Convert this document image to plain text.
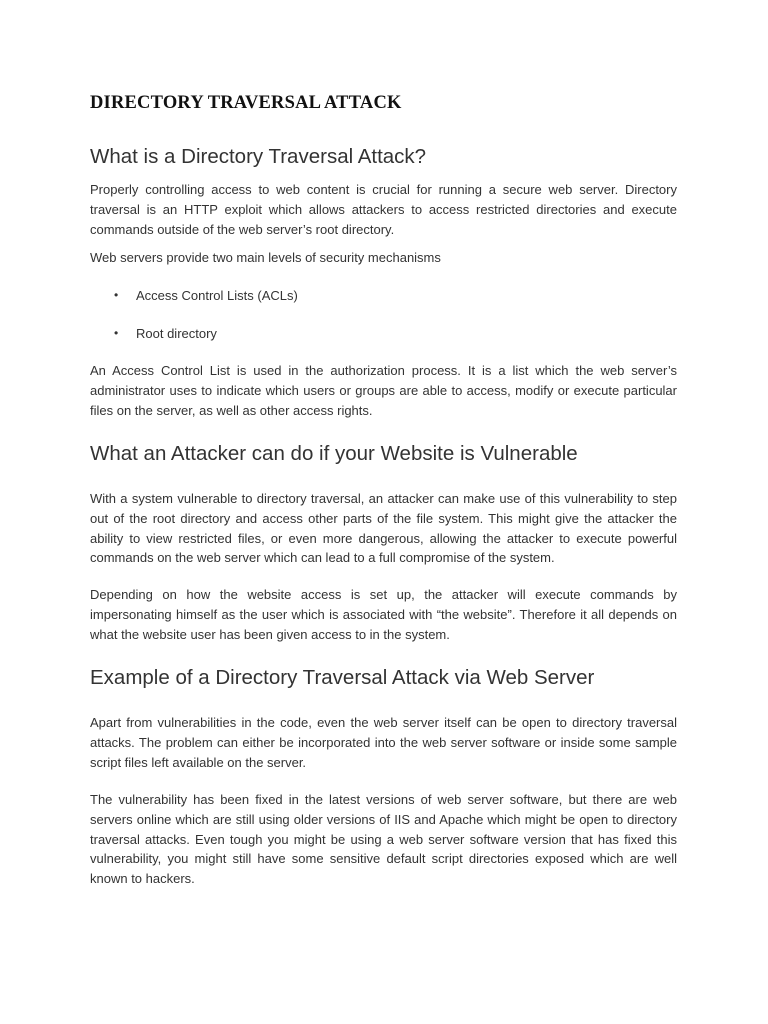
DIRECTORY TRAVERSAL ATTACK
What is a Directory Traversal Attack?

Properly controlling access to web content is crucial for running a secure web server. Directory traversal is an HTTP exploit which allows attackers to access restricted directories and execute commands outside of the web server’s root directory.

Web servers provide two main levels of security mechanisms

• Access Control Lists (ACLs)
• Root directory

An Access Control List is used in the authorization process. It is a list which the web server’s administrator uses to indicate which users or groups are able to access, modify or execute particular files on the server, as well as other access rights.

What an Attacker can do if your Website is Vulnerable

With a system vulnerable to directory traversal, an attacker can make use of this vulnerability to step out of the root directory and access other parts of the file system. This might give the attacker the ability to view restricted files, or even more dangerous, allowing the attacker to execute powerful commands on the web server which can lead to a full compromise of the system.

Depending on how the website access is set up, the attacker will execute commands by impersonating himself as the user which is associated with “the website”. Therefore it all depends on what the website user has been given access to in the system.

Example of a Directory Traversal Attack via Web Server

Apart from vulnerabilities in the code, even the web server itself can be open to directory traversal attacks. The problem can either be incorporated into the web server software or inside some sample script files left available on the server.

The vulnerability has been fixed in the latest versions of web server software, but there are web servers online which are still using older versions of IIS and Apache which might be open to directory traversal attacks. Even tough you might be using a web server software version that has fixed this vulnerability, you might still have some sensitive default script directories exposed which are well known to hackers.
